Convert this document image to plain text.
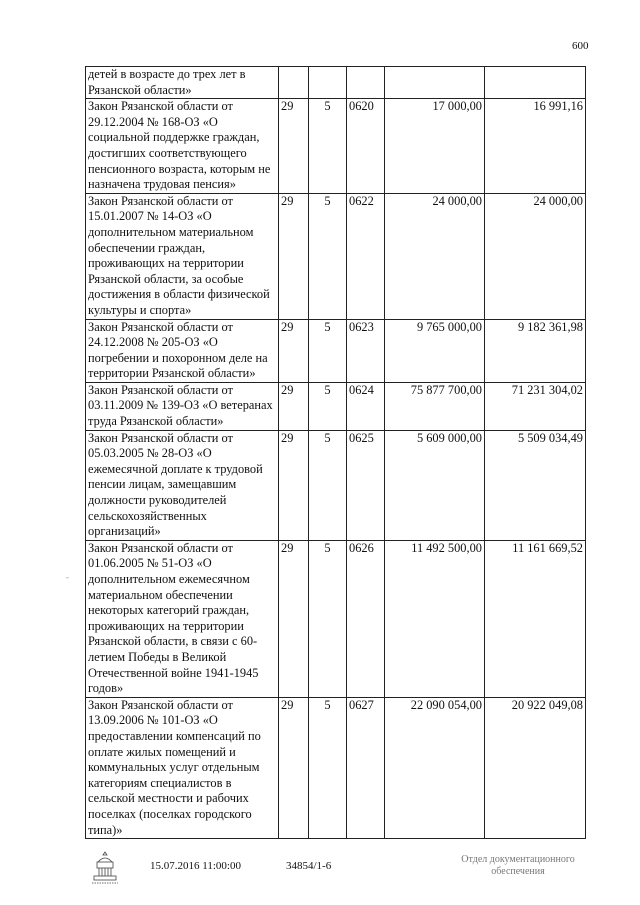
600
детей в возрасте до трех лет в Рязанской области»					
Закон Рязанской области от 29.12.2004 № 168-ОЗ «О социальной поддержке граждан, достигших соответствующего пенсионного возраста, которым не назначена трудовая пенсия»	29	5	0620	17 000,00	16 991,16
Закон Рязанской области от 15.01.2007 № 14-ОЗ «О дополнительном материальном обеспечении граждан, проживающих на территории Рязанской области, за особые достижения в области физической культуры и спорта»	29	5	0622	24 000,00	24 000,00
Закон Рязанской области от 24.12.2008 № 205-ОЗ «О погребении и похоронном деле на территории Рязанской области»	29	5	0623	9 765 000,00	9 182 361,98
Закон Рязанской области от 03.11.2009 № 139-ОЗ «О ветеранах труда Рязанской области»	29	5	0624	75 877 700,00	71 231 304,02
Закон Рязанской области от 05.03.2005 № 28-ОЗ «О ежемесячной доплате к трудовой пенсии лицам, замещавшим должности руководителей сельскохозяйственных организаций»	29	5	0625	5 609 000,00	5 509 034,49
Закон Рязанской области от 01.06.2005 № 51-ОЗ «О дополнительном ежемесячном материальном обеспечении некоторых категорий граждан, проживающих на территории Рязанской области, в связи с 60-летием Победы в Великой Отечественной войне 1941-1945 годов»	29	5	0626	11 492 500,00	11 161 669,52
Закон Рязанской области от 13.09.2006 № 101-ОЗ «О предоставлении компенсаций по оплате жилых помещений и коммунальных услуг отдельным категориям специалистов в сельской местности и рабочих поселках (поселках городского типа)»	29	5	0627	22 090 054,00	20 922 049,08
-
15.07.2016 11:00:00	34854/1-6
Отдел документационного
обеспечения
